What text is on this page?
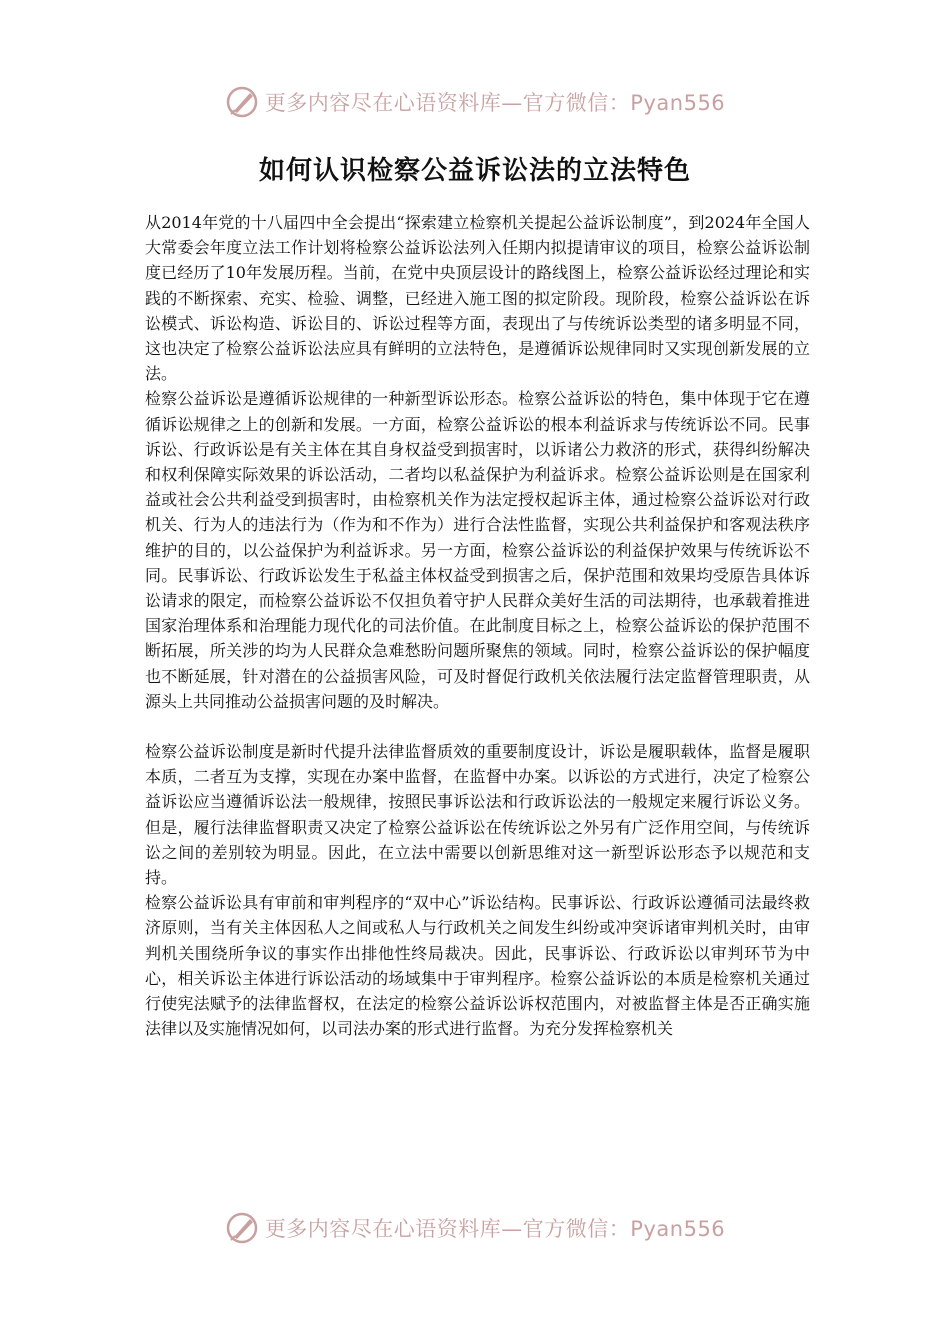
更多内容尽在心语资料库—官方微信：Pyan556
如何认识检察公益诉讼法的立法特色

从2014年党的十八届四中全会提出“探索建立检察机关提起公益诉讼制度”，到2024年全国人大常委会年度立法工作计划将检察公益诉讼法列入任期内拟提请审议的项目，检察公益诉讼制度已经历了10年发展历程。当前，在党中央顶层设计的路线图上，检察公益诉讼经过理论和实践的不断探索、充实、检验、调整，已经进入施工图的拟定阶段。现阶段，检察公益诉讼在诉讼模式、诉讼构造、诉讼目的、诉讼过程等方面，表现出了与传统诉讼类型的诸多明显不同，这也决定了检察公益诉讼法应具有鲜明的立法特色，是遵循诉讼规律同时又实现创新发展的立法。

检察公益诉讼是遵循诉讼规律的一种新型诉讼形态。检察公益诉讼的特色，集中体现于它在遵循诉讼规律之上的创新和发展。一方面，检察公益诉讼的根本利益诉求与传统诉讼不同。民事诉讼、行政诉讼是有关主体在其自身权益受到损害时，以诉诸公力救济的形式，获得纠纷解决和权利保障实际效果的诉讼活动，二者均以私益保护为利益诉求。检察公益诉讼则是在国家利益或社会公共利益受到损害时，由检察机关作为法定授权起诉主体，通过检察公益诉讼对行政机关、行为人的违法行为（作为和不作为）进行合法性监督，实现公共利益保护和客观法秩序维护的目的，以公益保护为利益诉求。另一方面，检察公益诉讼的利益保护效果与传统诉讼不同。民事诉讼、行政诉讼发生于私益主体权益受到损害之后，保护范围和效果均受原告具体诉讼请求的限定，而检察公益诉讼不仅担负着守护人民群众美好生活的司法期待，也承载着推进国家治理体系和治理能力现代化的司法价值。在此制度目标之上，检察公益诉讼的保护范围不断拓展，所关涉的均为人民群众急难愁盼问题所聚焦的领域。同时，检察公益诉讼的保护幅度也不断延展，针对潜在的公益损害风险，可及时督促行政机关依法履行法定监督管理职责，从源头上共同推动公益损害问题的及时解决。

检察公益诉讼制度是新时代提升法律监督质效的重要制度设计，诉讼是履职载体，监督是履职本质，二者互为支撑，实现在办案中监督，在监督中办案。以诉讼的方式进行，决定了检察公益诉讼应当遵循诉讼法一般规律，按照民事诉讼法和行政诉讼法的一般规定来履行诉讼义务。但是，履行法律监督职责又决定了检察公益诉讼在传统诉讼之外另有广泛作用空间，与传统诉讼之间的差别较为明显。因此，在立法中需要以创新思维对这一新型诉讼形态予以规范和支持。

检察公益诉讼具有审前和审判程序的“双中心”诉讼结构。民事诉讼、行政诉讼遵循司法最终救济原则，当有关主体因私人之间或私人与行政机关之间发生纠纷或冲突诉诸审判机关时，由审判机关围绕所争议的事实作出排他性终局裁决。因此，民事诉讼、行政诉讼以审判环节为中心，相关诉讼主体进行诉讼活动的场域集中于审判程序。检察公益诉讼的本质是检察机关通过行使宪法赋予的法律监督权，在法定的检察公益诉讼诉权范围内，对被监督主体是否正确实施法律以及实施情况如何，以司法办案的形式进行监督。为充分发挥检察机关

更多内容尽在心语资料库—官方微信：Pyan556
